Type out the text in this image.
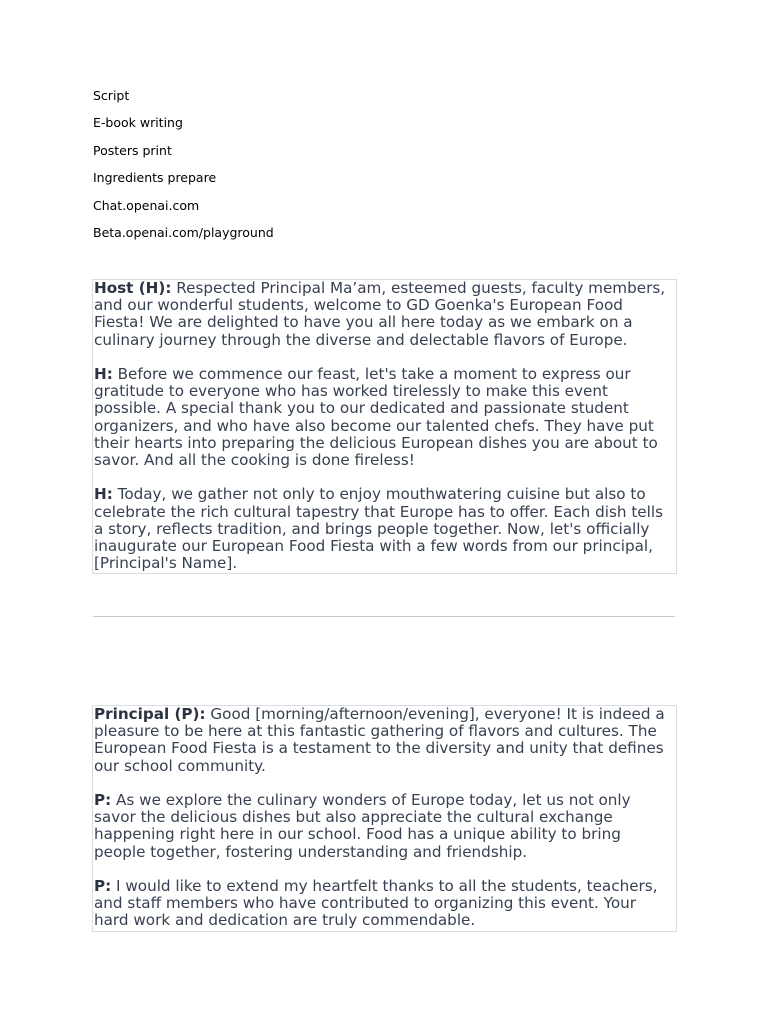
Script
E-book writing
Posters print
Ingredients prepare
Chat.openai.com
Beta.openai.com/playground

Host (H): Respected Principal Ma’am, esteemed guests, faculty members, and our wonderful students, welcome to GD Goenka's European Food Fiesta! We are delighted to have you all here today as we embark on a culinary journey through the diverse and delectable flavors of Europe.

H: Before we commence our feast, let's take a moment to express our gratitude to everyone who has worked tirelessly to make this event possible. A special thank you to our dedicated and passionate student organizers, and who have also become our talented chefs. They have put their hearts into preparing the delicious European dishes you are about to savor. And all the cooking is done fireless!

H: Today, we gather not only to enjoy mouthwatering cuisine but also to celebrate the rich cultural tapestry that Europe has to offer. Each dish tells a story, reflects tradition, and brings people together. Now, let's officially inaugurate our European Food Fiesta with a few words from our principal, [Principal's Name].

Principal (P): Good [morning/afternoon/evening], everyone! It is indeed a pleasure to be here at this fantastic gathering of flavors and cultures. The European Food Fiesta is a testament to the diversity and unity that defines our school community.

P: As we explore the culinary wonders of Europe today, let us not only savor the delicious dishes but also appreciate the cultural exchange happening right here in our school. Food has a unique ability to bring people together, fostering understanding and friendship.

P: I would like to extend my heartfelt thanks to all the students, teachers, and staff members who have contributed to organizing this event. Your hard work and dedication are truly commendable.
